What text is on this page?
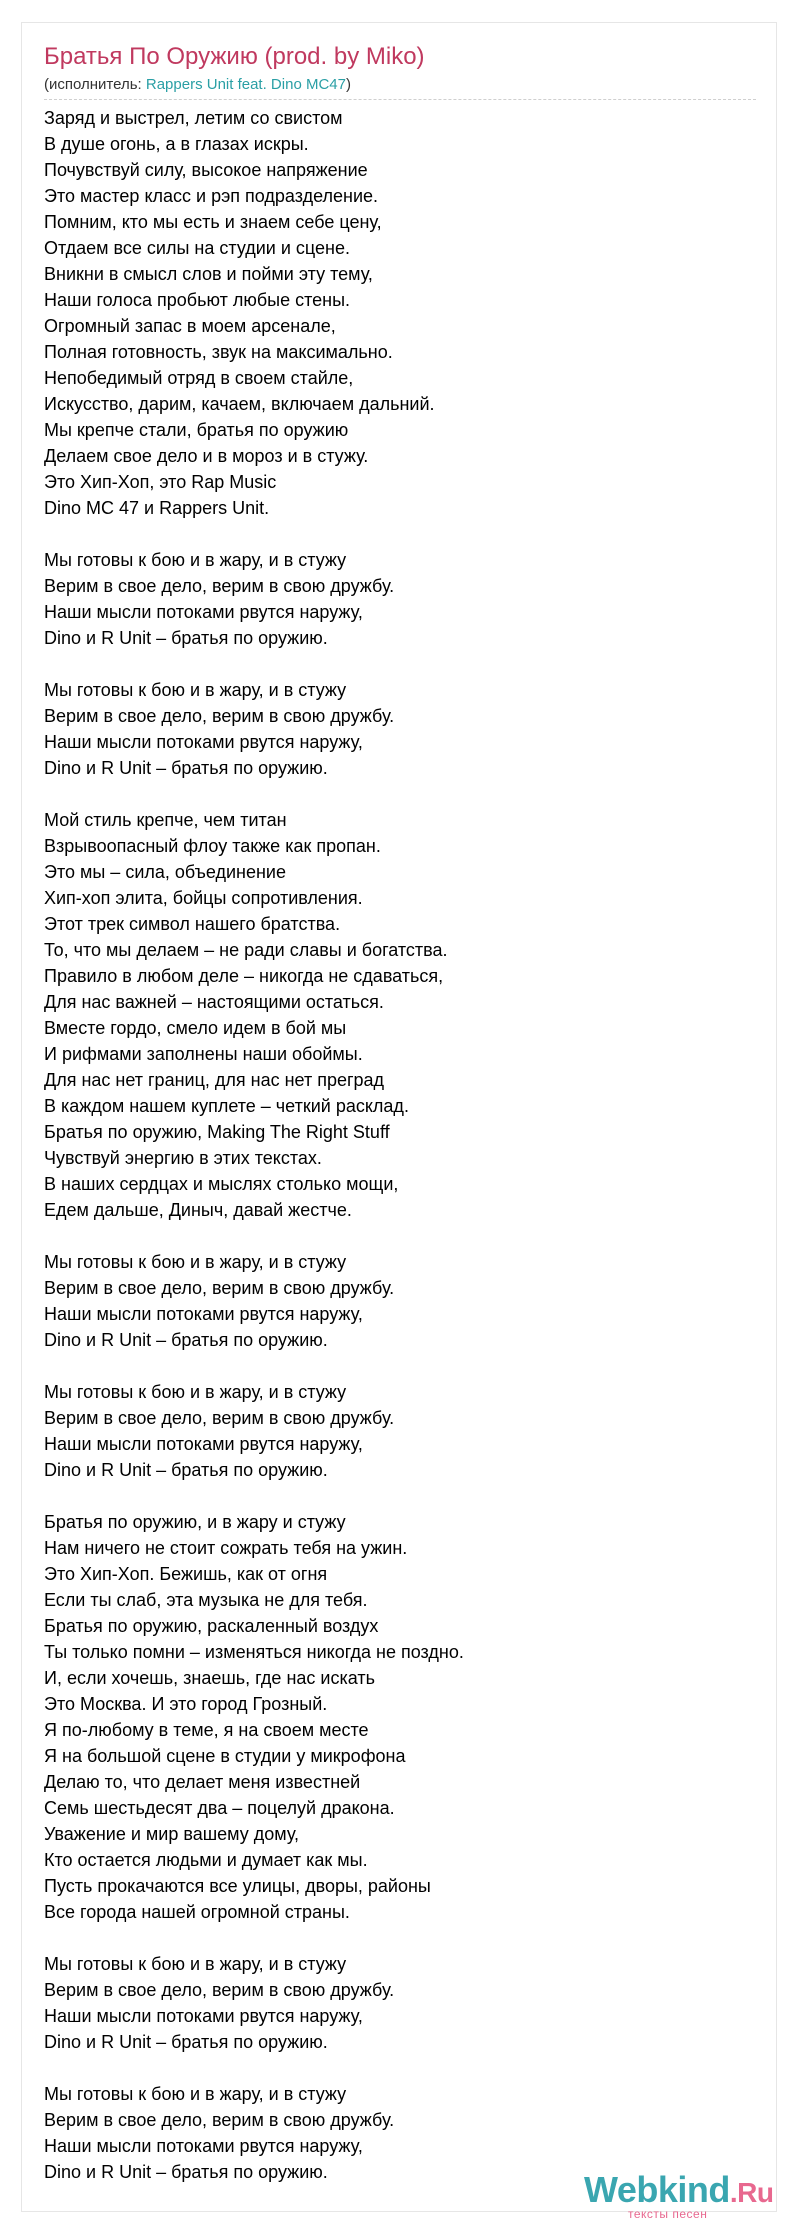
Братья По Оружию (prod. by Miko)
(исполнитель: Rappers Unit feat. Dino MC47)
Заряд и выстрел, летим со свистом
В душе огонь, а в глазах искры.
Почувствуй силу, высокое напряжение
Это мастер класс и рэп подразделение.
Помним, кто мы есть и знаем себе цену,
Отдаем все силы на студии и сцене.
Вникни в смысл слов и пойми эту тему,
Наши голоса пробьют любые стены.
Огромный запас в моем арсенале,
Полная готовность, звук на максимально.
Непобедимый отряд в своем стайле,
Искусство, дарим, качаем, включаем дальний.
Мы крепче стали, братья по оружию
Делаем свое дело и в мороз и в стужу.
Это Хип-Хоп, это Rap Music
Dino MC 47 и Rappers Unit.
Мы готовы к бою и в жару, и в стужу
Верим в свое дело, верим в свою дружбу.
Наши мысли потоками рвутся наружу,
Dino и R Unit – братья по оружию.
Мы готовы к бою и в жару, и в стужу
Верим в свое дело, верим в свою дружбу.
Наши мысли потоками рвутся наружу,
Dino и R Unit – братья по оружию.
Мой стиль крепче, чем титан
Взрывоопасный флоу также как пропан.
Это мы – сила, объединение
Хип-хоп элита, бойцы сопротивления.
Этот трек символ нашего братства.
То, что мы делаем – не ради славы и богатства.
Правило в любом деле – никогда не сдаваться,
Для нас важней – настоящими остаться.
Вместе гордо, смело идем в бой мы
И рифмами заполнены наши обоймы.
Для нас нет границ, для нас нет преград
В каждом нашем куплете – четкий расклад.
Братья по оружию, Making The Right Stuff
Чувствуй энергию в этих текстах.
В наших сердцах и мыслях столько мощи,
Едем дальше, Диныч, давай жестче.
Мы готовы к бою и в жару, и в стужу
Верим в свое дело, верим в свою дружбу.
Наши мысли потоками рвутся наружу,
Dino и R Unit – братья по оружию.
Мы готовы к бою и в жару, и в стужу
Верим в свое дело, верим в свою дружбу.
Наши мысли потоками рвутся наружу,
Dino и R Unit – братья по оружию.
Братья по оружию, и в жару и стужу
Нам ничего не стоит сожрать тебя на ужин.
Это Хип-Хоп. Бежишь, как от огня
Если ты слаб, эта музыка не для тебя.
Братья по оружию, раскаленный воздух
Ты только помни – изменяться никогда не поздно.
И, если хочешь, знаешь, где нас искать
Это Москва. И это город Грозный.
Я по-любому в теме, я на своем месте
Я на большой сцене в студии у микрофона
Делаю то, что делает меня известней
Семь шестьдесят два – поцелуй дракона.
Уважение и мир вашему дому,
Кто остается людьми и думает как мы.
Пусть прокачаются все улицы, дворы, районы
Все города нашей огромной страны.
Мы готовы к бою и в жару, и в стужу
Верим в свое дело, верим в свою дружбу.
Наши мысли потоками рвутся наружу,
Dino и R Unit – братья по оружию.
Мы готовы к бою и в жару, и в стужу
Верим в свое дело, верим в свою дружбу.
Наши мысли потоками рвутся наружу,
Dino и R Unit – братья по оружию.	Webkind.Ru
тексты песен
